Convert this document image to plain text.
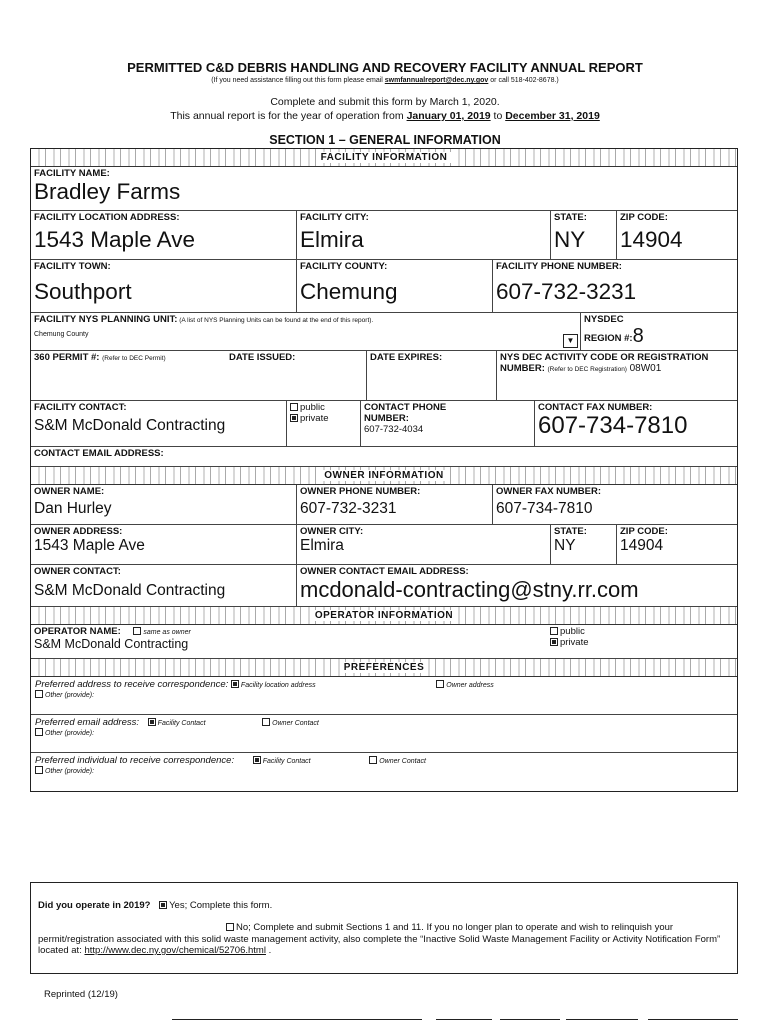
PERMITTED C&D DEBRIS HANDLING AND RECOVERY FACILITY ANNUAL REPORT
(If you need assistance filling out this form please email swmfannualreport@dec.ny.gov or call 518-402-8678.)
Complete and submit this form by March 1, 2020.
This annual report is for the year of operation from January 01, 2019 to December 31, 2019
SECTION 1 – GENERAL INFORMATION
FACILITY INFORMATION
FACILITY NAME:
Bradley Farms
FACILITY LOCATION ADDRESS:
1543 Maple Ave
FACILITY CITY:
Elmira
STATE:
NY
ZIP CODE:
14904
FACILITY TOWN:
Southport
FACILITY COUNTY:
Chemung
FACILITY PHONE NUMBER:
607-732-3231
FACILITY NYS PLANNING UNIT: (A list of NYS Planning Units can be found at the end of this report).
Chemung County
▼
NYSDEC
REGION #:8
360 PERMIT #: (Refer to DEC Permit)	DATE ISSUED:	DATE EXPIRES:	NYS DEC ACTIVITY CODE OR REGISTRATION NUMBER: (Refer to DEC Registration) 08W01
FACILITY CONTACT:
S&M McDonald Contracting
public
private
CONTACT PHONE NUMBER:
607-732-4034
CONTACT FAX NUMBER:
607-734-7810
CONTACT EMAIL ADDRESS:
OWNER INFORMATION
OWNER NAME:
Dan Hurley
OWNER PHONE NUMBER:
607-732-3231
OWNER FAX NUMBER:
607-734-7810
OWNER ADDRESS:
1543 Maple Ave
OWNER CITY:
Elmira
STATE:
NY
ZIP CODE:
14904
OWNER CONTACT:
S&M McDonald Contracting
OWNER CONTACT EMAIL ADDRESS:
mcdonald-contracting@stny.rr.com
OPERATOR INFORMATION
OPERATOR NAME:	same as owner
S&M McDonald Contracting
public
private
PREFERENCES
Preferred address to receive correspondence: Facility location address	Owner address
Other (provide):
Preferred email address:	Facility Contact	Owner Contact
Other (provide):
Preferred individual to receive correspondence:	Facility Contact	Owner Contact
Other (provide):
Did you operate in 2019? Yes; Complete this form.
No; Complete and submit Sections 1 and 11. If you no longer plan to operate and wish to relinquish your permit/registration associated with this solid waste management activity, also complete the “Inactive Solid Waste Management Facility or Activity Notification Form” located at: http://www.dec.ny.gov/chemical/52706.html .
Reprinted (12/19)
